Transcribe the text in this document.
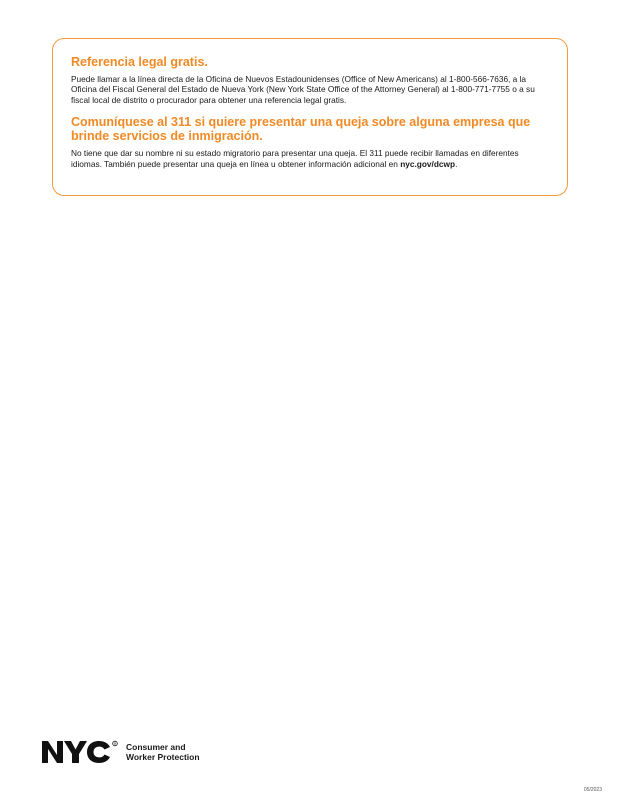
Referencia legal gratis.

Puede llamar a la línea directa de la Oficina de Nuevos Estadounidenses (Office of New Americans) al 1-800-566-7636, a la Oficina del Fiscal General del Estado de Nueva York (New York State Office of the Attorney General) al 1-800-771-7755 o a su fiscal local de distrito o procurador para obtener una referencia legal gratis.

Comuníquese al 311 si quiere presentar una queja sobre alguna empresa que brinde servicios de inmigración.

No tiene que dar su nombre ni su estado migratorio para presentar una queja. El 311 puede recibir llamadas en diferentes idiomas. También puede presentar una queja en línea u obtener información adicional en nyc.gov/dcwp.

R Consumer and
Worker Protection
05/2023
